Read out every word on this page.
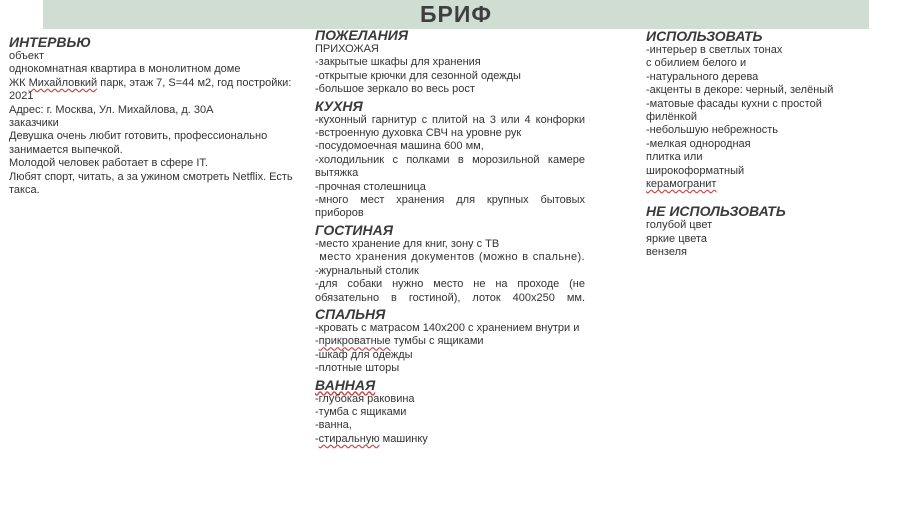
БРИФ

ИНТЕРВЬЮ

объект

однокомнатная квартира в монолитном доме

ЖК Михайловкий парк, этаж 7, S=44 м2, год постройки: 2021

Адрес: г. Москва, Ул. Михайлова, д. 30А

заказчики

Девушка очень любит готовить, профессионально занимается выпечкой.

Молодой человек работает в сфере IT.

Любят спорт, читать, а за ужином смотреть Netflix. Есть такса.

ПОЖЕЛАНИЯ

ПРИХОЖАЯ

-закрытые шкафы для хранения

-открытые крючки для сезонной одежды

-большое зеркало во весь рост

КУХНЯ

-кухонный гарнитур с плитой на 3 или 4 конфорки

-встроенную духовка СВЧ на уровне рук

-посудомоечная машина 600 мм,

-холодильник с полками в морозильной камере

вытяжка

-прочная столешница

-много мест хранения для крупных бытовых приборов

ГОСТИНАЯ

-место хранение для книг, зону с ТВ

место хранения документов (можно в спальне).

-журнальный столик

-для собаки нужно место не на проходе (не обязательно в гостиной), лоток 400х250 мм.

СПАЛЬНЯ

-кровать с матрасом 140х200 с хранением внутри и

-прикроватные тумбы с ящиками

-шкаф для одежды

-плотные шторы

ВАННАЯ

-глубокая раковина

-тумба с ящиками

-ванна,

-стиральную машинку

ИСПОЛЬЗОВАТЬ

-интерьер в светлых тонах

с обилием белого и

-натурального дерева

-акценты в декоре: черный, зелёный

-матовые фасады кухни с простой филёнкой

-небольшую небрежность

-мелкая однородная

плитка или

широкоформатный

керамогранит

НЕ ИСПОЛЬЗОВАТЬ

голубой цвет

яркие цвета

вензеля
